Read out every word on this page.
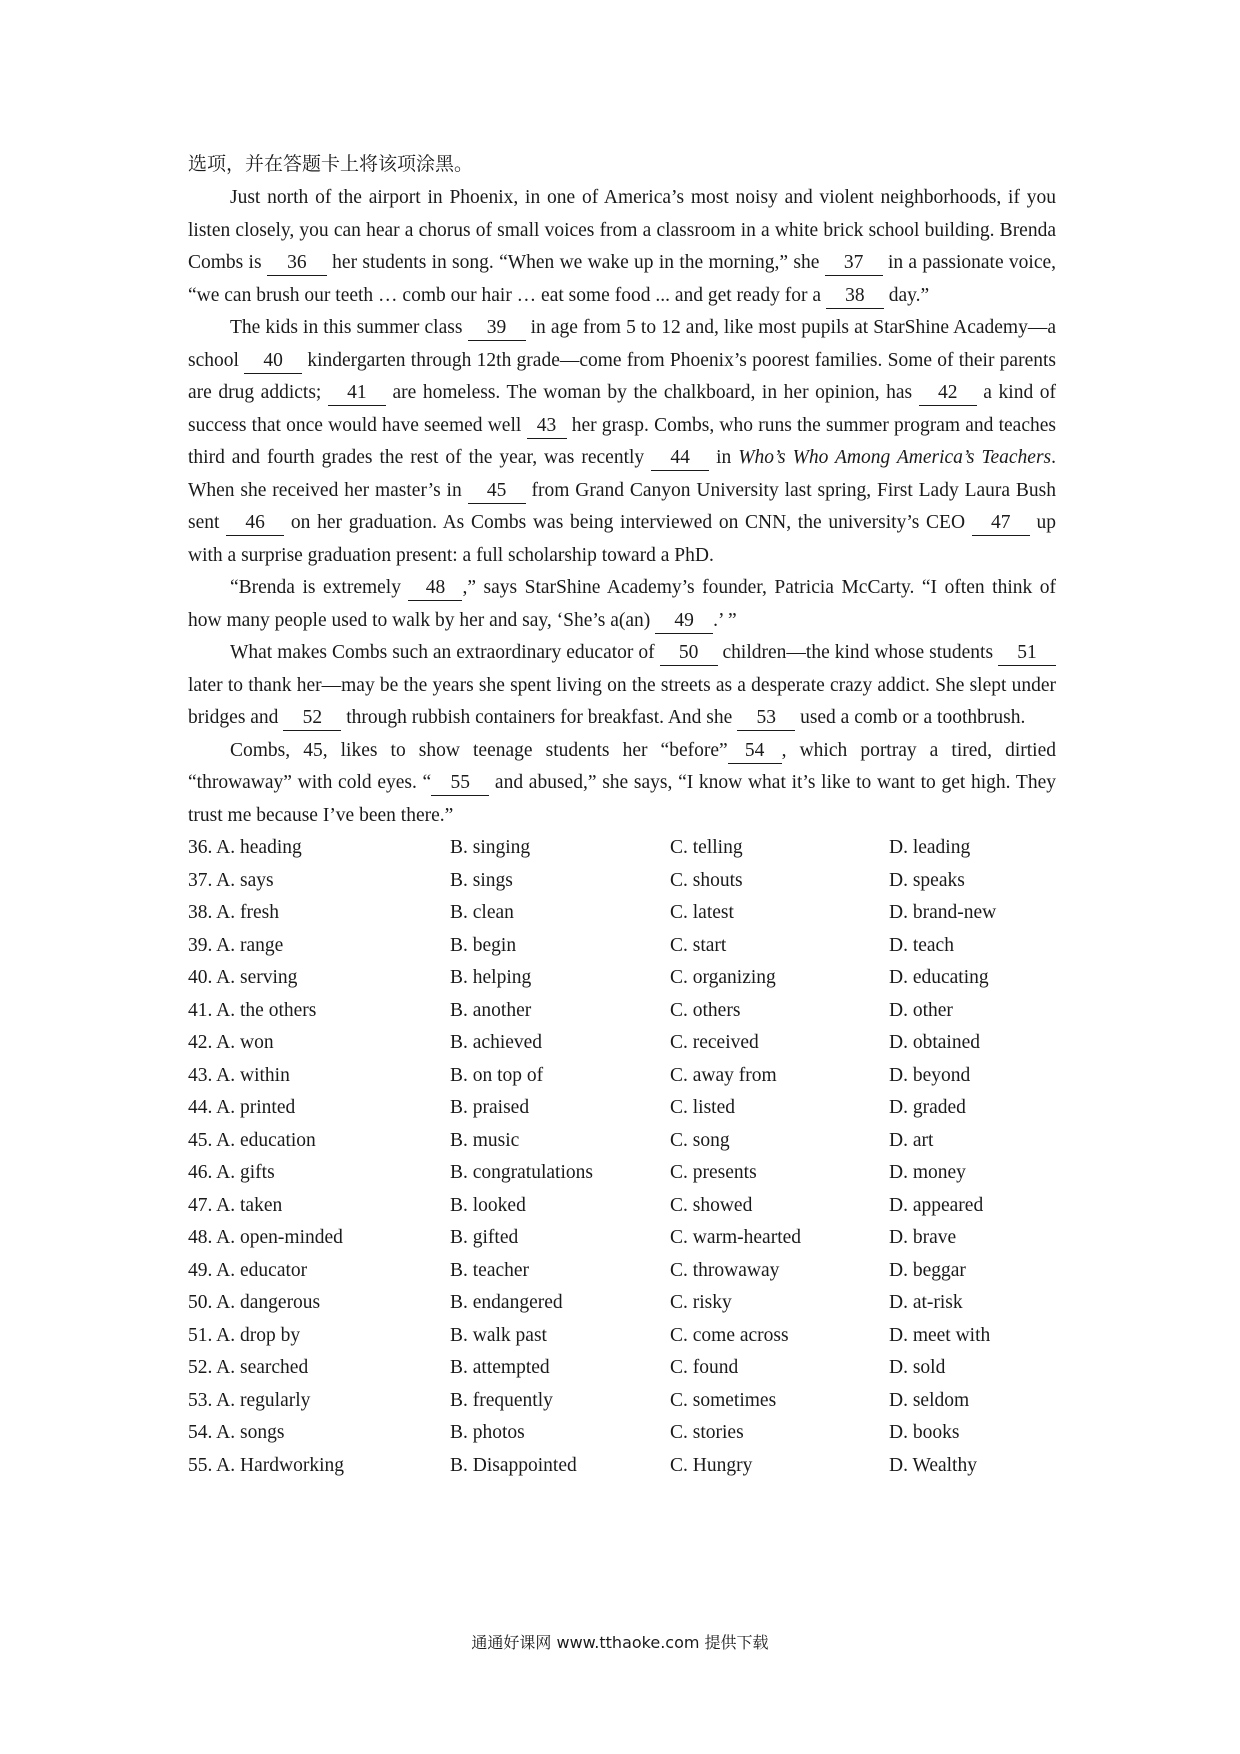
选项，并在答题卡上将该项涂黑。

Just north of the airport in Phoenix, in one of America’s most noisy and violent neighborhoods, if you listen closely, you can hear a chorus of small voices from a classroom in a white brick school building. Brenda Combs is 36 her students in song. “When we wake up in the morning,” she 37 in a passionate voice, “we can brush our teeth … comb our hair … eat some food ... and get ready for a 38 day.”

The kids in this summer class 39 in age from 5 to 12 and, like most pupils at StarShine Academy—a school 40 kindergarten through 12th grade—come from Phoenix’s poorest families. Some of their parents are drug addicts; 41 are homeless. The woman by the chalkboard, in her opinion, has 42 a kind of success that once would have seemed well 43 her grasp. Combs, who runs the summer program and teaches third and fourth grades the rest of the year, was recently 44 in Who’s Who Among America’s Teachers. When she received her master’s in 45 from Grand Canyon University last spring, First Lady Laura Bush sent 46 on her graduation. As Combs was being interviewed on CNN, the university’s CEO 47 up with a surprise graduation present: a full scholarship toward a PhD.

“Brenda is extremely 48 ,” says StarShine Academy’s founder, Patricia McCarty. “I often think of how many people used to walk by her and say, ‘She’s a(an) 49 .’ ”

What makes Combs such an extraordinary educator of 50 children—the kind whose students 51 later to thank her—may be the years she spent living on the streets as a desperate crazy addict. She slept under bridges and 52 through rubbish containers for breakfast. And she 53 used a comb or a toothbrush.

Combs, 45, likes to show teenage students her “before” 54 , which portray a tired, dirtied “throwaway” with cold eyes. “ 55 and abused,” she says, “I know what it’s like to want to get high. They trust me because I’ve been there.”

36. A. heading	B. singing	C. telling	D. leading
37. A. says	B. sings	C. shouts	D. speaks
38. A. fresh	B. clean	C. latest	D. brand-new
39. A. range	B. begin	C. start	D. teach
40. A. serving	B. helping	C. organizing	D. educating
41. A. the others	B. another	C. others	D. other
42. A. won	B. achieved	C. received	D. obtained
43. A. within	B. on top of	C. away from	D. beyond
44. A. printed	B. praised	C. listed	D. graded
45. A. education	B. music	C. song	D. art
46. A. gifts	B. congratulations	C. presents	D. money
47. A. taken	B. looked	C. showed	D. appeared
48. A. open-minded	B. gifted	C. warm-hearted	D. brave
49. A. educator	B. teacher	C. throwaway	D. beggar
50. A. dangerous	B. endangered	C. risky	D. at-risk
51. A. drop by	B. walk past	C. come across	D. meet with
52. A. searched	B. attempted	C. found	D. sold
53. A. regularly	B. frequently	C. sometimes	D. seldom
54. A. songs	B. photos	C. stories	D. books
55. A. Hardworking	B. Disappointed	C. Hungry	D. Wealthy
通通好课网 www.tthaoke.com 提供下载
